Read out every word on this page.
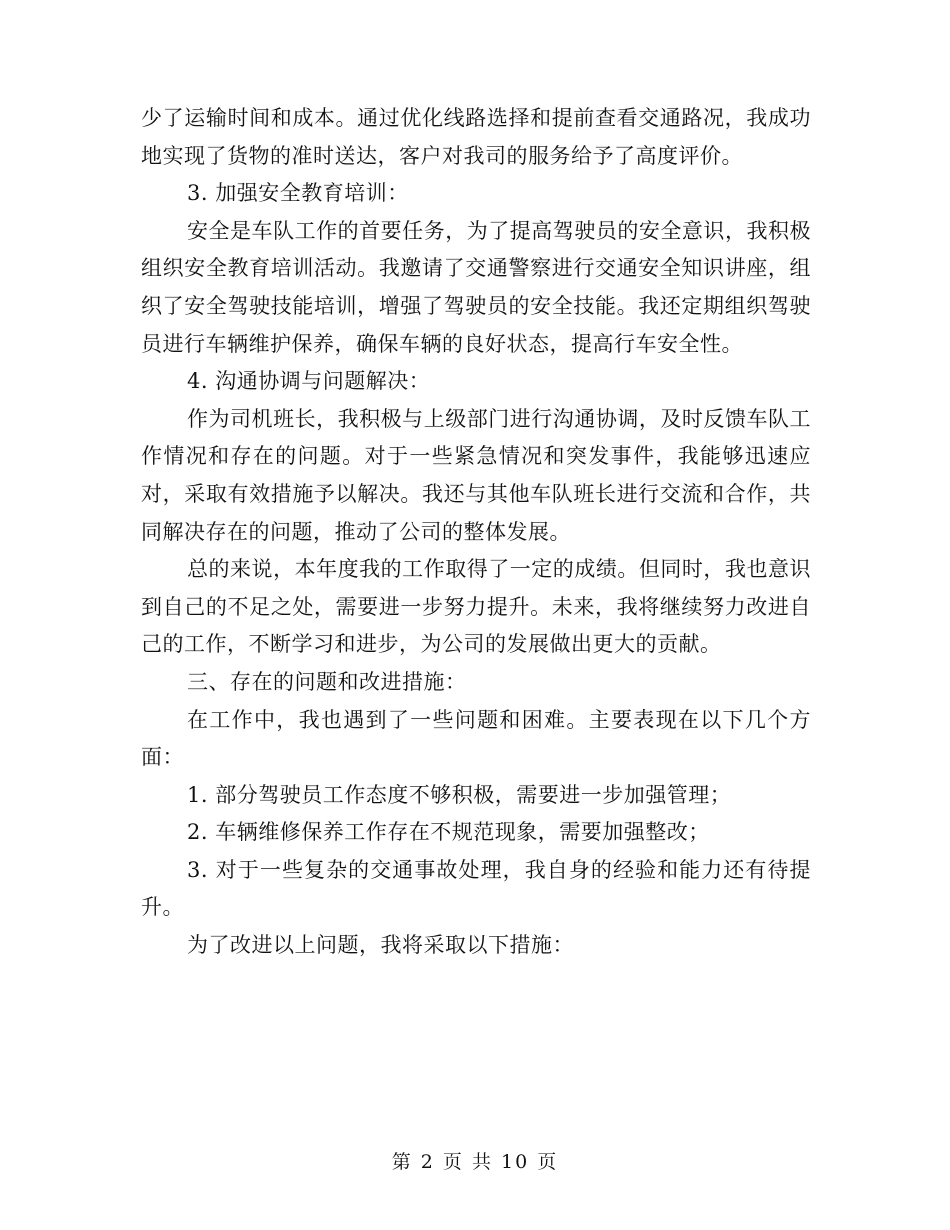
少了运输时间和成本。通过优化线路选择和提前查看交通路况，我成功地实现了货物的准时送达，客户对我司的服务给予了高度评价。

3. 加强安全教育培训：

安全是车队工作的首要任务，为了提高驾驶员的安全意识，我积极组织安全教育培训活动。我邀请了交通警察进行交通安全知识讲座，组织了安全驾驶技能培训，增强了驾驶员的安全技能。我还定期组织驾驶员进行车辆维护保养，确保车辆的良好状态，提高行车安全性。

4. 沟通协调与问题解决：

作为司机班长，我积极与上级部门进行沟通协调，及时反馈车队工作情况和存在的问题。对于一些紧急情况和突发事件，我能够迅速应对，采取有效措施予以解决。我还与其他车队班长进行交流和合作，共同解决存在的问题，推动了公司的整体发展。

总的来说，本年度我的工作取得了一定的成绩。但同时，我也意识到自己的不足之处，需要进一步努力提升。未来，我将继续努力改进自己的工作，不断学习和进步，为公司的发展做出更大的贡献。

三、存在的问题和改进措施：

在工作中，我也遇到了一些问题和困难。主要表现在以下几个方面：

1. 部分驾驶员工作态度不够积极，需要进一步加强管理；

2. 车辆维修保养工作存在不规范现象，需要加强整改；

3. 对于一些复杂的交通事故处理，我自身的经验和能力还有待提升。

为了改进以上问题，我将采取以下措施：

第 2 页 共 10 页
